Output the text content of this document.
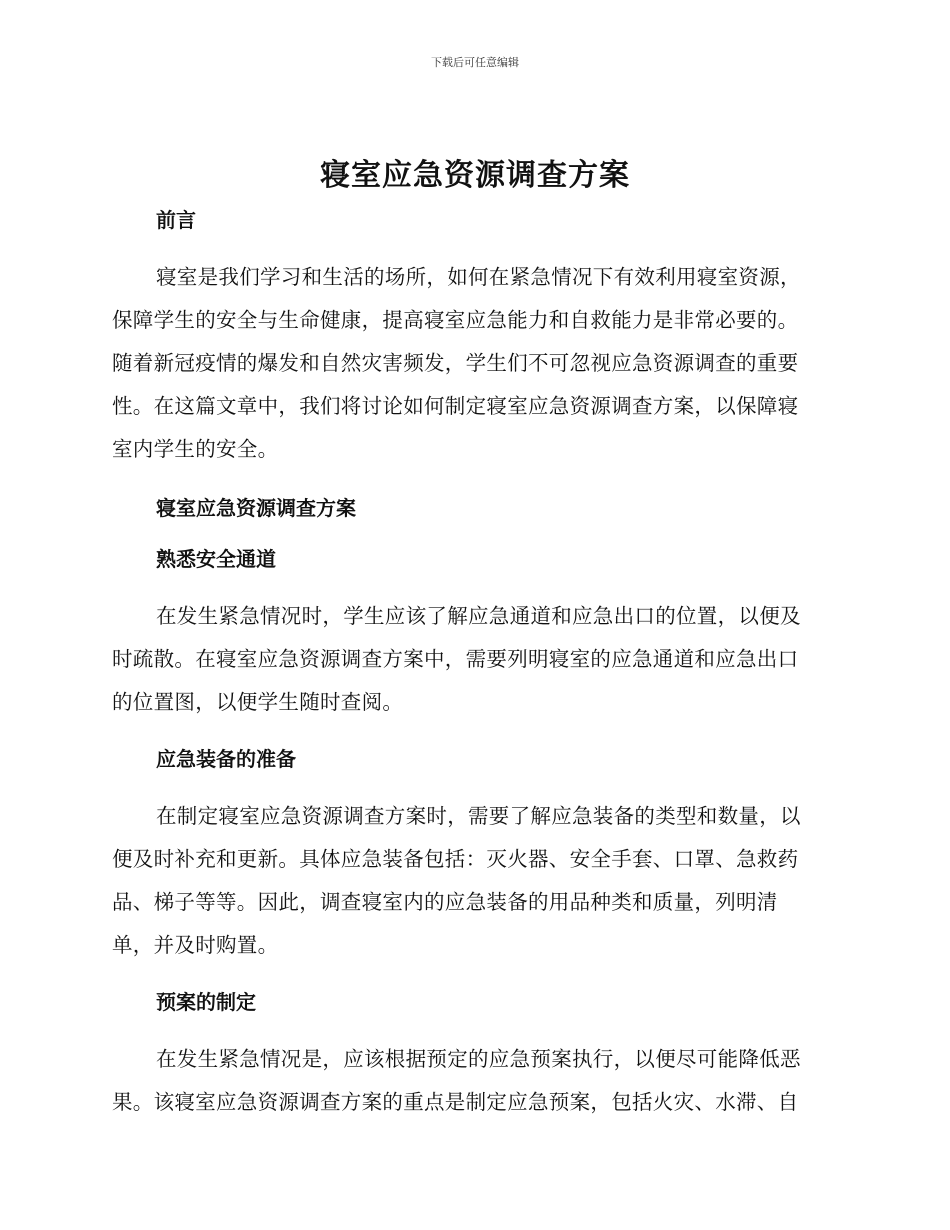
下载后可任意编辑
寝室应急资源调查方案
前言

寝室是我们学习和生活的场所，如何在紧急情况下有效利用寝室资源，
保障学生的安全与生命健康，提高寝室应急能力和自救能力是非常必要的。
随着新冠疫情的爆发和自然灾害频发，学生们不可忽视应急资源调查的重要
性。在这篇文章中，我们将讨论如何制定寝室应急资源调查方案，以保障寝
室内学生的安全。

寝室应急资源调查方案
熟悉安全通道

在发生紧急情况时，学生应该了解应急通道和应急出口的位置，以便及
时疏散。在寝室应急资源调查方案中，需要列明寝室的应急通道和应急出口
的位置图，以便学生随时查阅。

应急装备的准备

在制定寝室应急资源调查方案时，需要了解应急装备的类型和数量，以
便及时补充和更新。具体应急装备包括：灭火器、安全手套、口罩、急救药
品、梯子等等。因此，调查寝室内的应急装备的用品种类和质量，列明清
单，并及时购置。

预案的制定

在发生紧急情况是，应该根据预定的应急预案执行，以便尽可能降低恶
果。该寝室应急资源调查方案的重点是制定应急预案，包括火灾、水滞、自
